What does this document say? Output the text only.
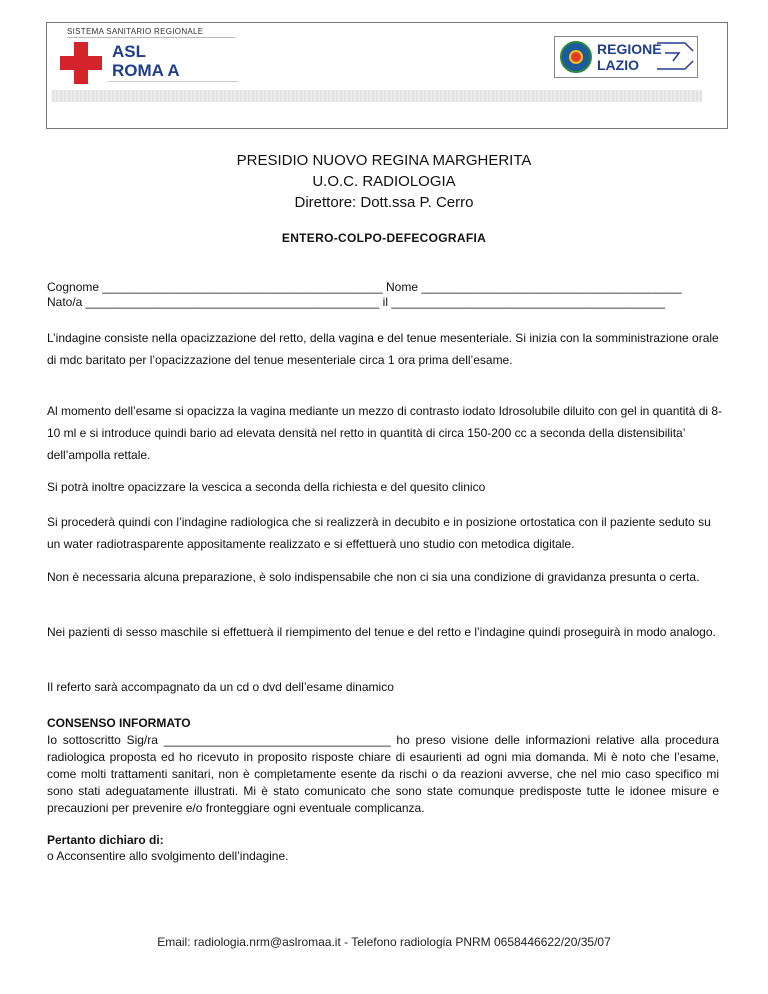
SISTEMA SANITARIO REGIONALE
ASL
ROMA A
REGIONE
LAZIO
PRESIDIO NUOVO REGINA MARGHERITA
U.O.C. RADIOLOGIA
Direttore: Dott.ssa P. Cerro
ENTERO-COLPO-DEFECOGRAFIA
Cognome __________________________________________ Nome _______________________________________
Nato/a ____________________________________________ il _________________________________________
L’indagine consiste nella opacizzazione del retto, della vagina e del tenue mesenteriale. Si inizia con la somministrazione orale di mdc baritato per l’opacizzazione del tenue mesenteriale circa 1 ora prima dell’esame.
Al momento dell’esame si opacizza la vagina mediante un mezzo di contrasto iodato Idrosolubile diluito con gel in quantità di 8-10 ml e si introduce quindi bario ad elevata densità nel retto in quantità di circa 150-200 cc a seconda della distensibilita’ dell’ampolla rettale.
Si potrà inoltre opacizzare la vescica a seconda della richiesta e del quesito clinico
Si procederà quindi con l’indagine radiologica che si realizzerà in decubito e in posizione ortostatica con il paziente seduto su un water radiotrasparente appositamente realizzato e si effettuerà uno studio con metodica digitale.
Non è necessaria alcuna preparazione, è solo indispensabile che non ci sia una condizione di gravidanza presunta o certa.
Nei pazienti di sesso maschile si effettuerà il riempimento del tenue e del retto e l’indagine quindi proseguirà in modo analogo.
Il referto sarà accompagnato da un cd o dvd dell’esame dinamico
CONSENSO INFORMATO
Io sottoscritto Sig/ra __________________________________ ho preso visione delle informazioni relative alla procedura radiologica proposta ed ho ricevuto in proposito risposte chiare di esaurienti ad ogni mia domanda. Mi è noto che l’esame, come molti trattamenti sanitari, non è completamente esente da rischi o da reazioni avverse, che nel mio caso specifico mi sono stati adeguatamente illustrati. Mi è stato comunicato che sono state comunque predisposte tutte le idonee misure e precauzioni per prevenire e/o fronteggiare ogni eventuale complicanza.
Pertanto dichiaro di:
o Acconsentire allo svolgimento dell’indagine.
Email: radiologia.nrm@aslromaa.it - Telefono radiologia PNRM 0658446622/20/35/07
